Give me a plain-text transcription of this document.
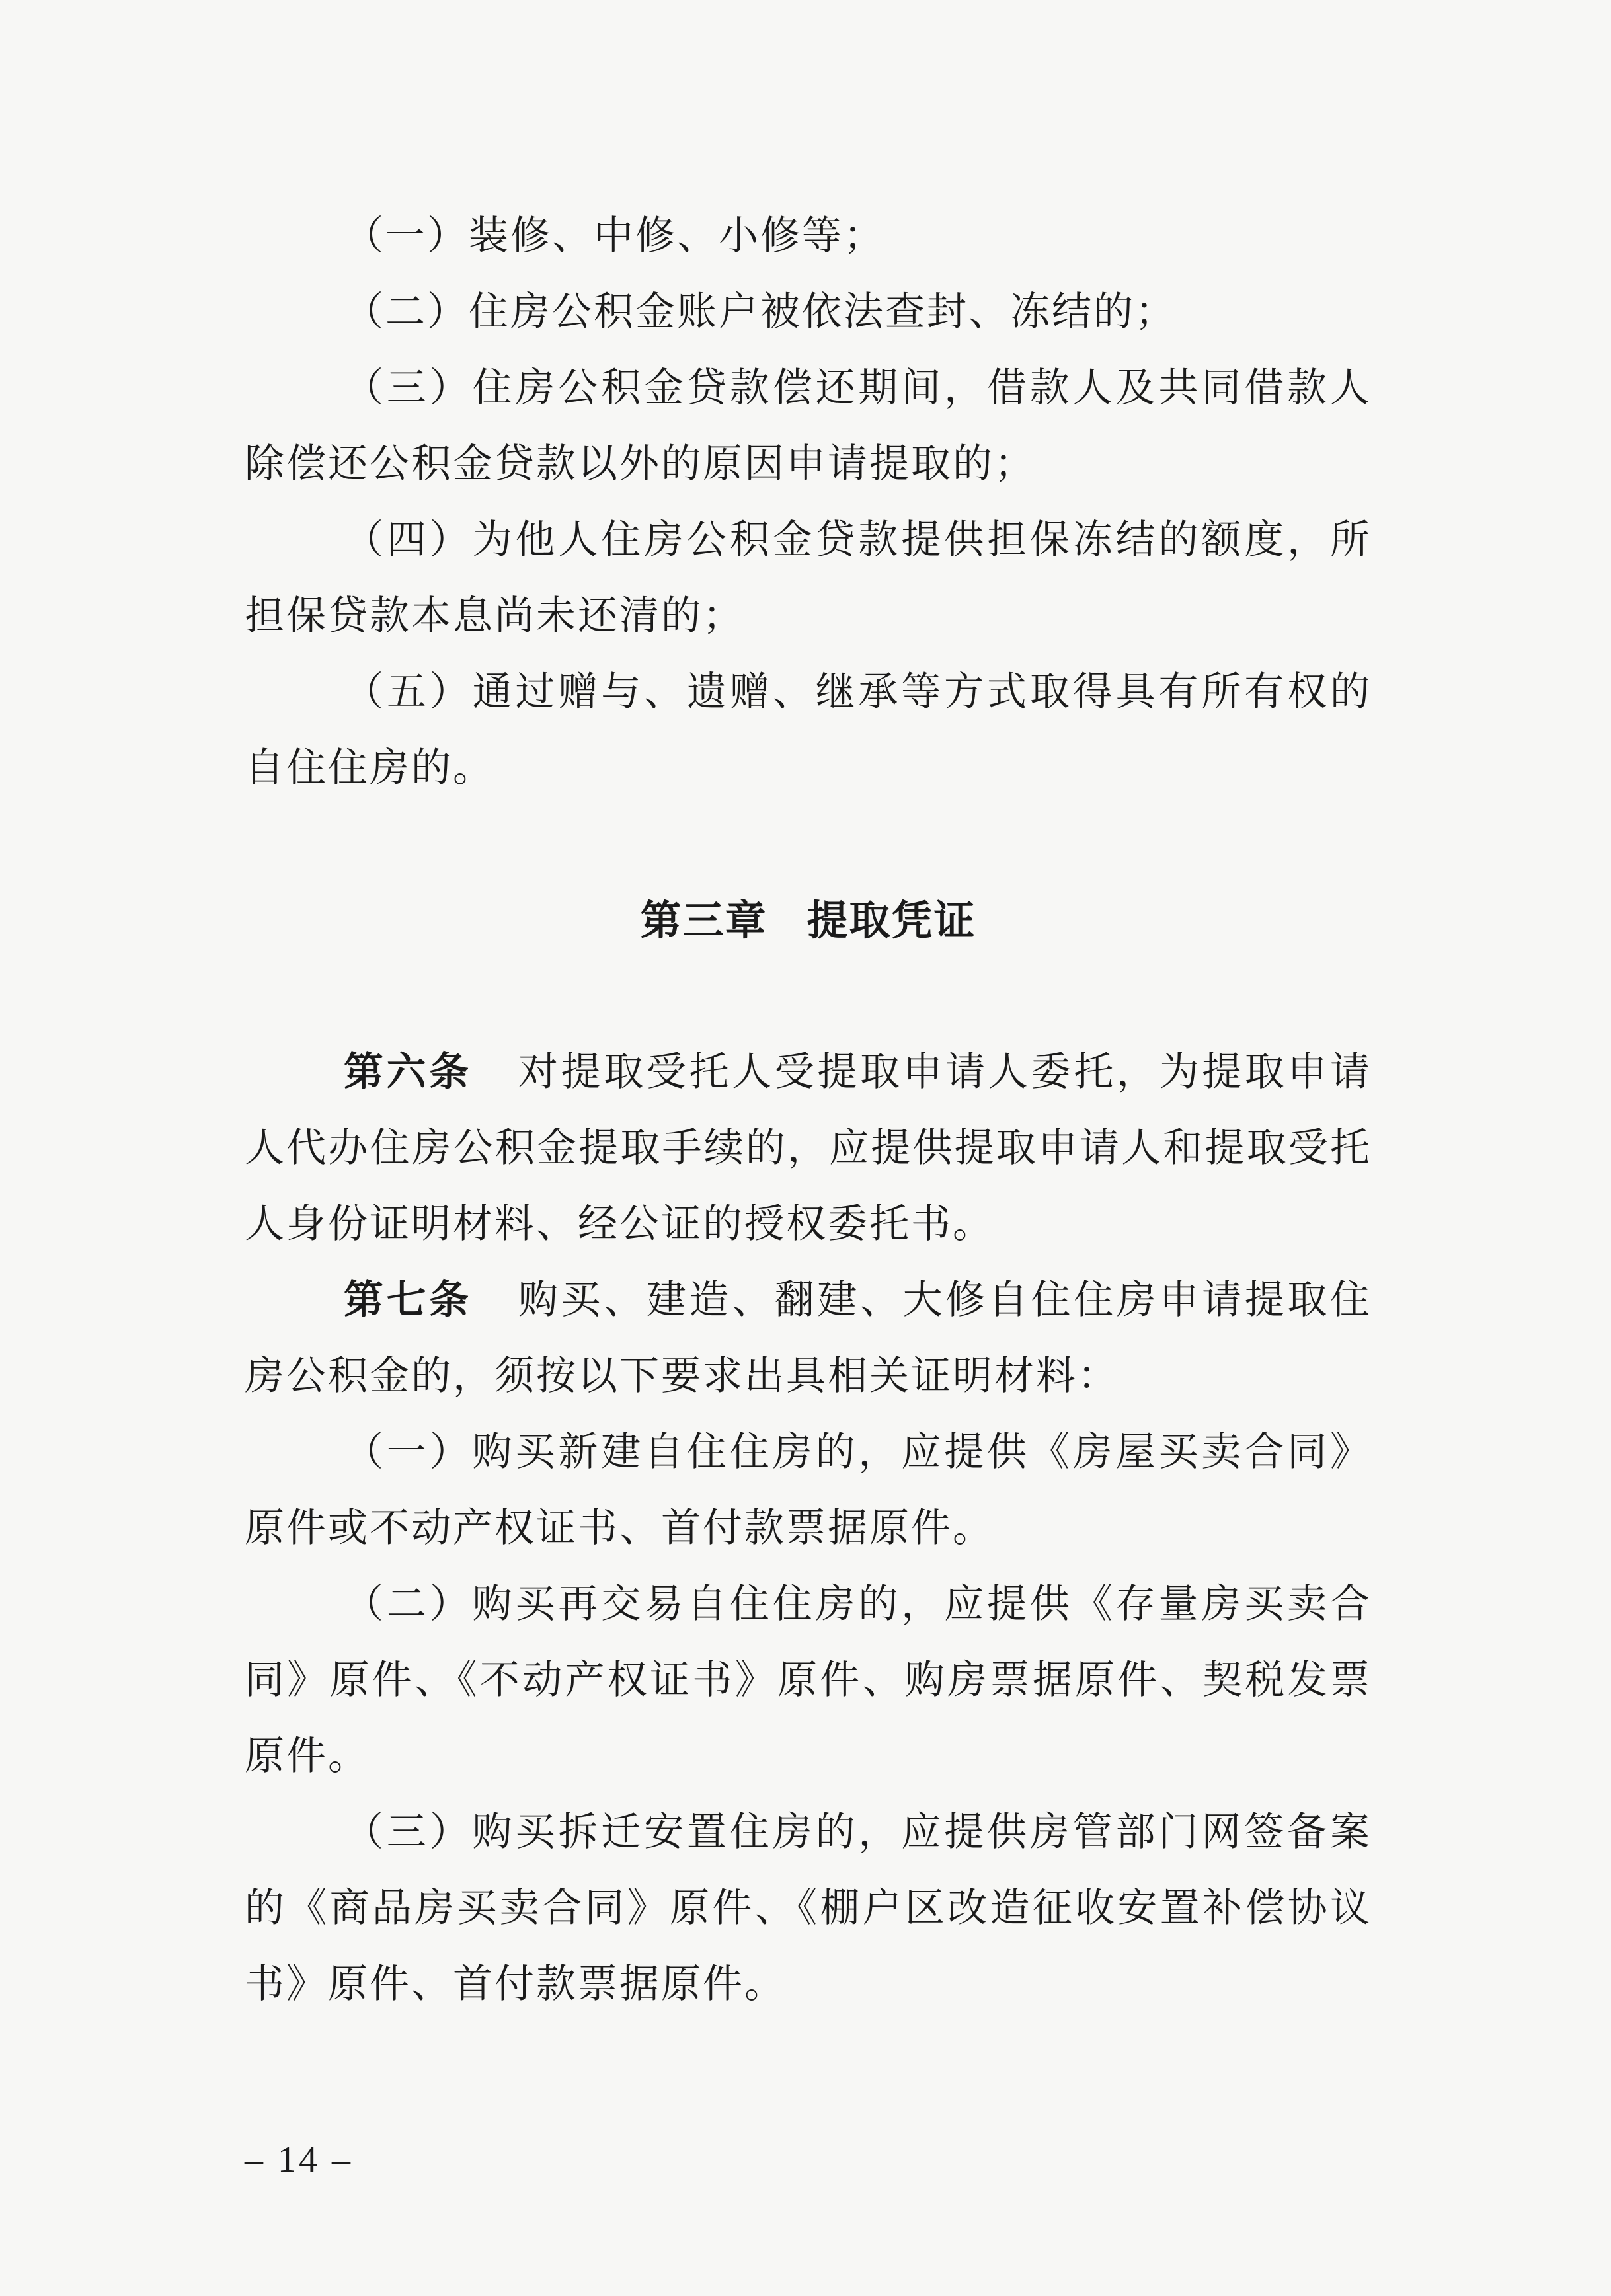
（一）装修、中修、小修等；

（二）住房公积金账户被依法查封、冻结的；

（三）住房公积金贷款偿还期间，借款人及共同借款人除偿还公积金贷款以外的原因申请提取的；

（四）为他人住房公积金贷款提供担保冻结的额度，所担保贷款本息尚未还清的；

（五）通过赠与、遗赠、继承等方式取得具有所有权的自住住房的。

第三章 提取凭证

第六条 对提取受托人受提取申请人委托，为提取申请人代办住房公积金提取手续的，应提供提取申请人和提取受托人身份证明材料、经公证的授权委托书。

第七条 购买、建造、翻建、大修自住住房申请提取住房公积金的，须按以下要求出具相关证明材料：

（一）购买新建自住住房的，应提供《房屋买卖合同》原件或不动产权证书、首付款票据原件。

（二）购买再交易自住住房的，应提供《存量房买卖合同》原件、《不动产权证书》原件、购房票据原件、契税发票原件。

（三）购买拆迁安置住房的，应提供房管部门网签备案的《商品房买卖合同》原件、《棚户区改造征收安置补偿协议书》原件、首付款票据原件。

– 14 –
